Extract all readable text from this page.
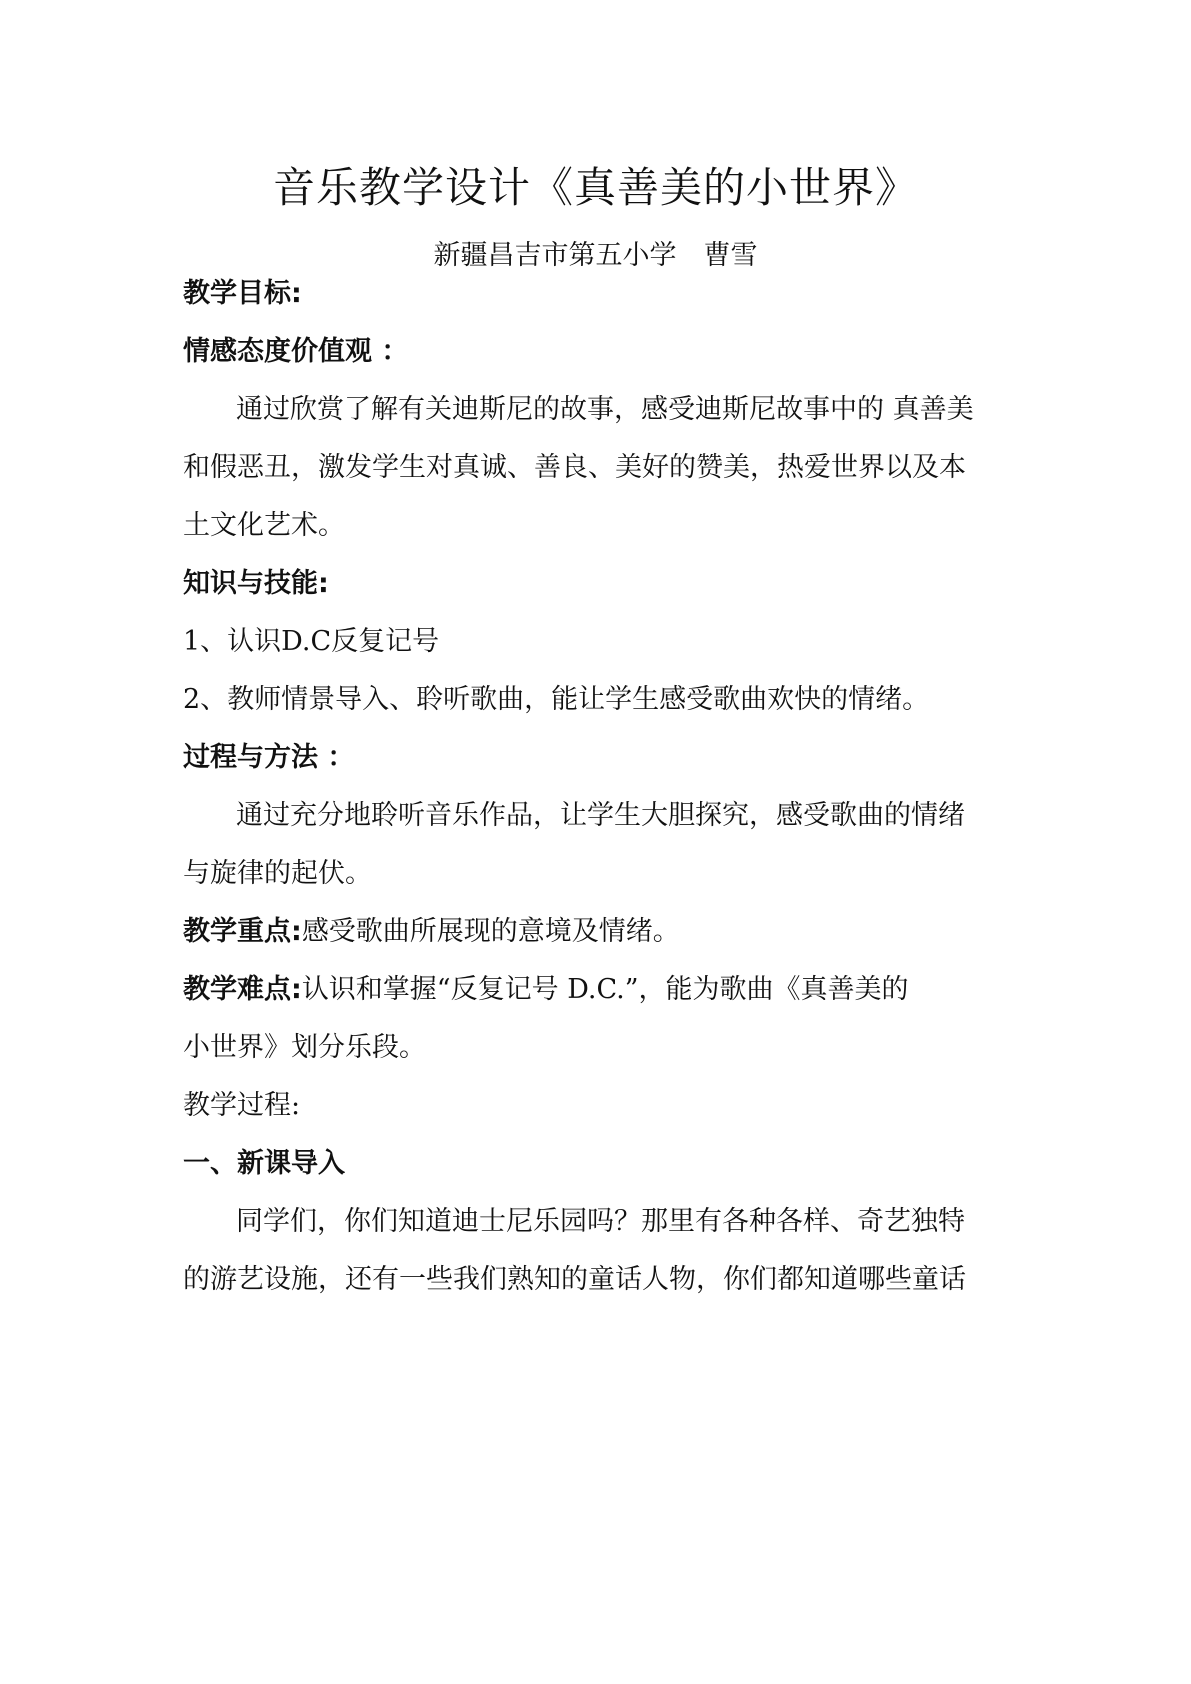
音乐教学设计《真善美的小世界》

新疆昌吉市第五小学　曹雪

教学目标:

情感态度价值观 ：

通过欣赏了解有关迪斯尼的故事，感受迪斯尼故事中的 真善美

和假恶丑，激发学生对真诚、善良、美好的赞美，热爱世界以及本

土文化艺术。

知识与技能:

1、认识D.C反复记号

2、教师情景导入、聆听歌曲，能让学生感受歌曲欢快的情绪。

过程与方法 ：

通过充分地聆听音乐作品，让学生大胆探究，感受歌曲的情绪

与旋律的起伏。

教学重点:感受歌曲所展现的意境及情绪。

教学难点:认识和掌握“反复记号 D.C.”，能为歌曲《真善美的

小世界》划分乐段。

教学过程:

一、新课导入

同学们，你们知道迪士尼乐园吗？那里有各种各样、奇艺独特

的游艺设施，还有一些我们熟知的童话人物，你们都知道哪些童话
